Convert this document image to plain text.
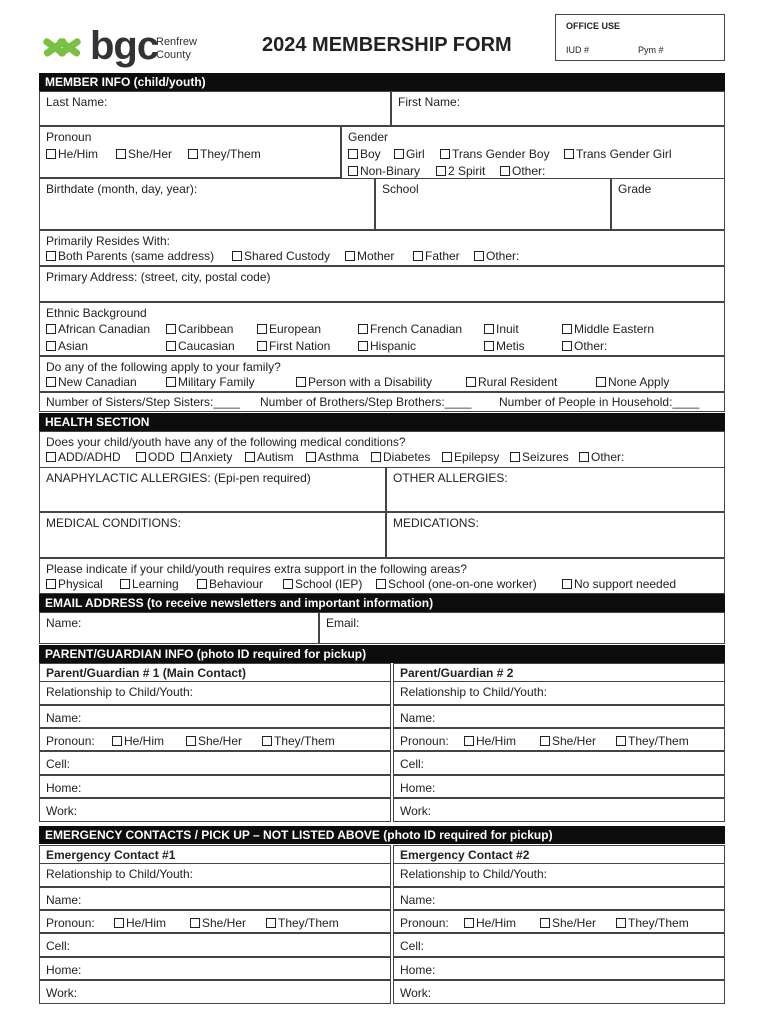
bgc
Renfrew
County	2024 MEMBERSHIP FORM
OFFICE USE
IUD #	Pym #
MEMBER INFO (child/youth)
Last Name:	First Name:
Pronoun
He/Him	She/Her	They/Them
Gender
Boy	Girl	Trans Gender Boy	Trans Gender Girl
Non-Binary	2 Spirit	Other:
Birthdate (month, day, year):	School	Grade
Primarily Resides With:
Both Parents (same address)	Shared Custody	Mother	Father	Other:
Primary Address: (street, city, postal code)
Ethnic Background
African Canadian	Caribbean	European	French Canadian	Inuit	Middle Eastern
Asian	Caucasian	First Nation	Hispanic	Metis	Other:
Do any of the following apply to your family?
New Canadian	Military Family	Person with a Disability	Rural Resident	None Apply
Number of Sisters/Step Sisters:____ Number of Brothers/Step Brothers:____ Number of People in Household:____
HEALTH SECTION
Does your child/youth have any of the following medical conditions?
ADD/ADHD	ODD	Anxiety	Autism	Asthma	Diabetes	Epilepsy	Seizures	Other:
ANAPHYLACTIC ALLERGIES: (Epi-pen required)	OTHER ALLERGIES:
MEDICAL CONDITIONS:	MEDICATIONS:
Please indicate if your child/youth requires extra support in the following areas?
Physical	Learning	Behaviour	School (IEP)	School (one-on-one worker)	No support needed
EMAIL ADDRESS (to receive newsletters and important information)
Name:	Email:
PARENT/GUARDIAN INFO (photo ID required for pickup)
Parent/Guardian # 1 (Main Contact)
Relationship to Child/Youth:
Name:
Pronoun:	He/Him	She/Her	They/Them
Cell:
Home:
Work:
Parent/Guardian # 2
Relationship to Child/Youth:
Name:
Pronoun:	He/Him	She/Her	They/Them
Cell:
Home:
Work:
EMERGENCY CONTACTS / PICK UP – NOT LISTED ABOVE (photo ID required for pickup)
Emergency Contact #1
Relationship to Child/Youth:
Name:
Pronoun:	He/Him	She/Her	They/Them
Cell:
Home:
Work:
Emergency Contact #2
Relationship to Child/Youth:
Name:
Pronoun:	He/Him	She/Her	They/Them
Cell:
Home:
Work:
